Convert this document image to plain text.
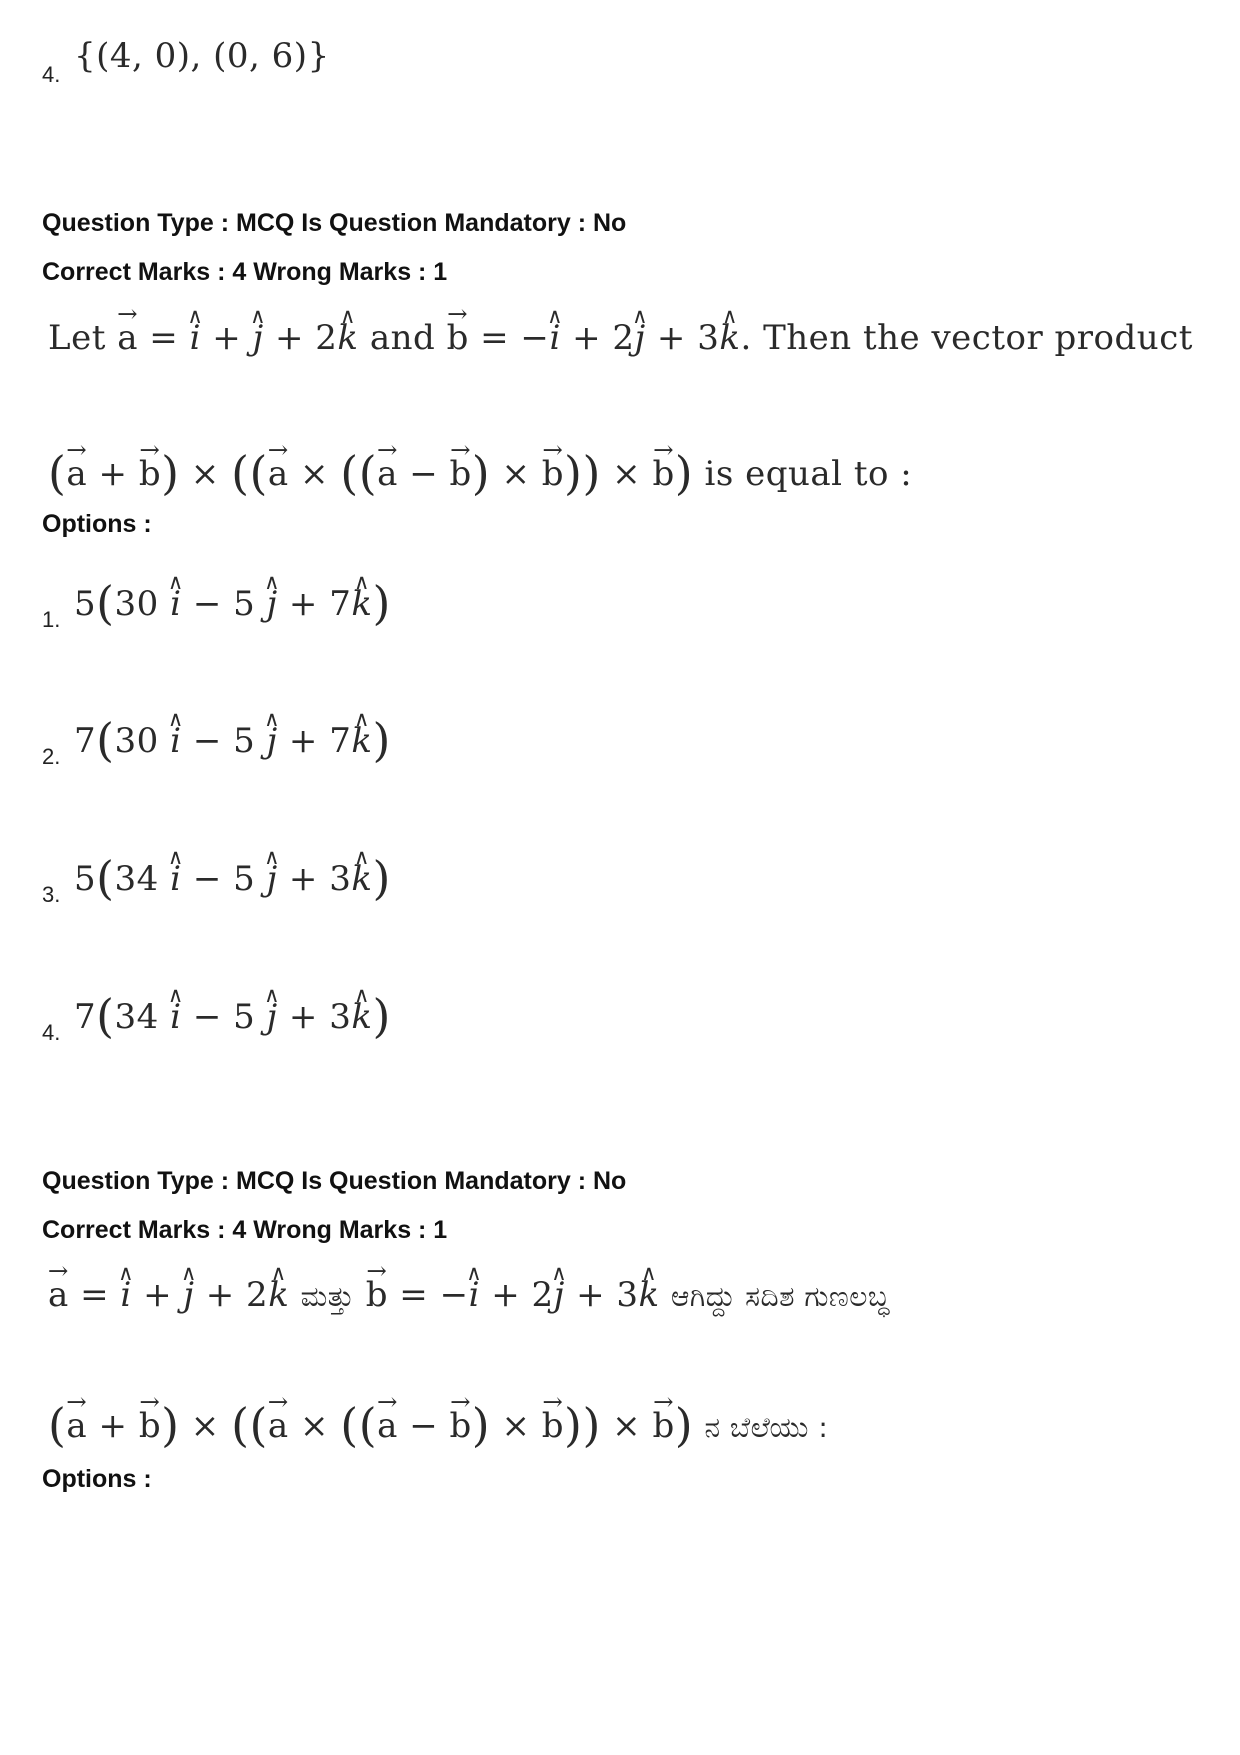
4. {(4, 0), (0, 6)}
Question Type : MCQ Is Question Mandatory : No
Correct Marks : 4 Wrong Marks : 1
Let → a = ∧ i + ∧ j + 2∧ k and → b = −∧ i + 2∧ j + 3∧ k. Then the vector product
(→ a + → b) × ((→ a × ((→ a − → b) × → b)) × → b) is equal to :
Options :
1. 5(30 ∧ i − 5 ∧ j + 7∧ k)
2. 7(30 ∧ i − 5 ∧ j + 7∧ k)
3. 5(34 ∧ i − 5 ∧ j + 3∧ k)
4. 7(34 ∧ i − 5 ∧ j + 3∧ k)
Question Type : MCQ Is Question Mandatory : No
Correct Marks : 4 Wrong Marks : 1
→ a = ∧ i + ∧ j + 2∧ k ಮತ್ತು → b = −∧ i + 2∧ j + 3∧ k ಆಗಿದ್ದು ಸದಿಶ ಗುಣಲಬ್ಧ
(→ a + → b) × ((→ a × ((→ a − → b) × → b)) × → b) ನ ಬೆಲೆಯು :
Options :
